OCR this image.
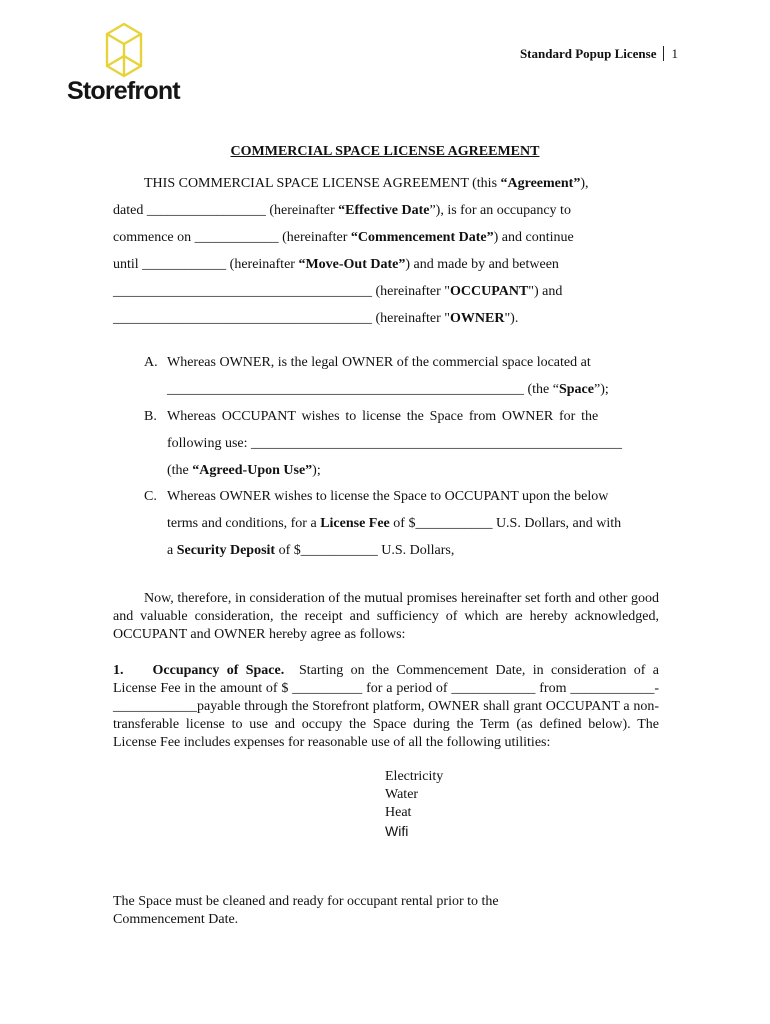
Storefront
Standard Popup License 1
COMMERCIAL SPACE LICENSE AGREEMENT
THIS COMMERCIAL SPACE LICENSE AGREEMENT (this “Agreement”),
dated _________________ (hereinafter “Effective Date”), is for an occupancy to
commence on ____________ (hereinafter “Commencement Date”) and continue
until ____________ (hereinafter “Move-Out Date”) and made by and between
_____________________________________ (hereinafter "OCCUPANT") and
_____________________________________ (hereinafter "OWNER").
A. Whereas OWNER, is the legal OWNER of the commercial space located at
___________________________________________________ (the “Space”);
B. Whereas OCCUPANT wishes to license the Space from OWNER for the
following use: _____________________________________________________
(the “Agreed-Upon Use”);
C. Whereas OWNER wishes to license the Space to OCCUPANT upon the below
terms and conditions, for a License Fee of $___________ U.S. Dollars, and with
a Security Deposit of $___________ U.S. Dollars,
Now, therefore, in consideration of the mutual promises hereinafter set forth and other good and valuable consideration, the receipt and sufficiency of which are hereby acknowledged, OCCUPANT and OWNER hereby agree as follows:
1. Occupancy of Space. Starting on the Commencement Date, in consideration of a License Fee in the amount of $ __________ for a period of ____________ from ____________- ____________payable through the Storefront platform, OWNER shall grant OCCUPANT a non-transferable license to use and occupy the Space during the Term (as defined below). The License Fee includes expenses for reasonable use of all the following utilities:
Electricity
Water
Heat
Wifi
The Space must be cleaned and ready for occupant rental prior to the Commencement Date.
